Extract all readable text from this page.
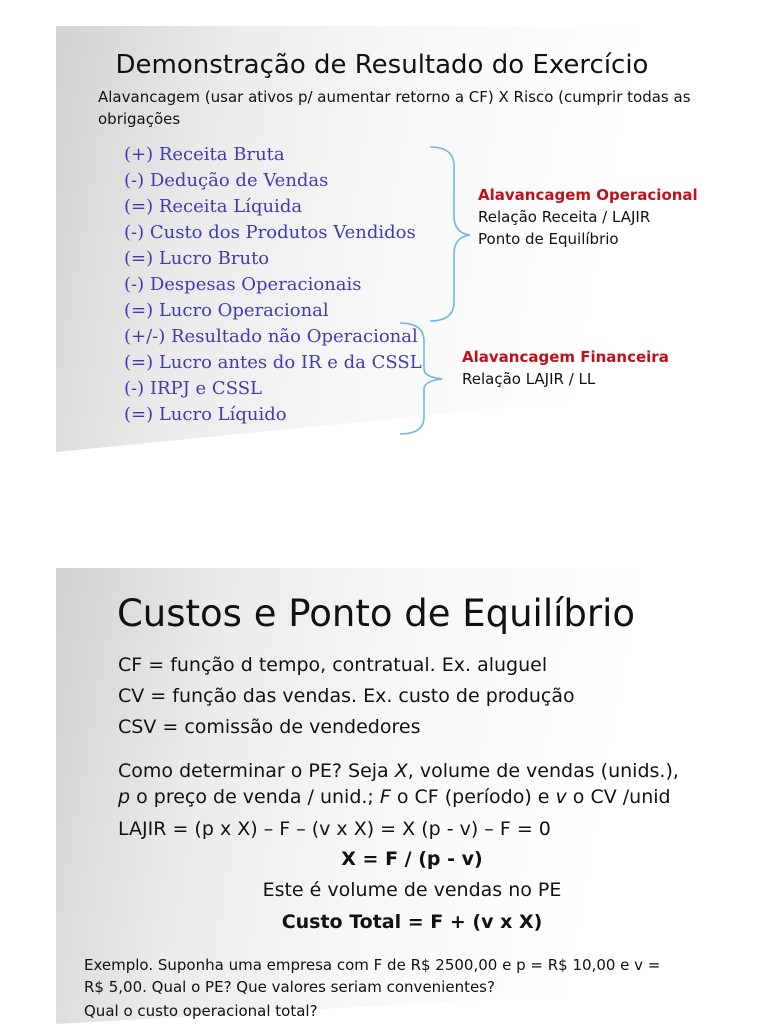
Demonstração de Resultado do Exercício
Alavancagem (usar ativos p/ aumentar retorno a CF) X Risco (cumprir todas as obrigações
(+) Receita Bruta
(-) Dedução de Vendas
(=) Receita Líquida
(-) Custo dos Produtos Vendidos
(=) Lucro Bruto
(-) Despesas Operacionais
(=) Lucro Operacional
(+/-) Resultado não Operacional
(=) Lucro antes do IR e da CSSL
(-) IRPJ e CSSL
(=) Lucro Líquido
Alavancagem Operacional
Relação Receita / LAJIR
Ponto de Equilíbrio
Alavancagem Financeira
Relação LAJIR / LL
Custos e Ponto de Equilíbrio
CF = função d tempo, contratual. Ex. aluguel
CV = função das vendas. Ex. custo de produção
CSV = comissão de vendedores
Como determinar o PE? Seja X, volume de vendas (unids.),
p o preço de venda / unid.; F o CF (período) e v o CV /unid
LAJIR = (p x X) – F – (v x X) = X (p - v) – F = 0
X = F / (p - v)
Este é volume de vendas no PE
Custo Total = F + (v x X)
Exemplo. Suponha uma empresa com F de R$ 2500,00 e p = R$ 10,00 e v =
R$ 5,00. Qual o PE? Que valores seriam convenientes?
Qual o custo operacional total?
